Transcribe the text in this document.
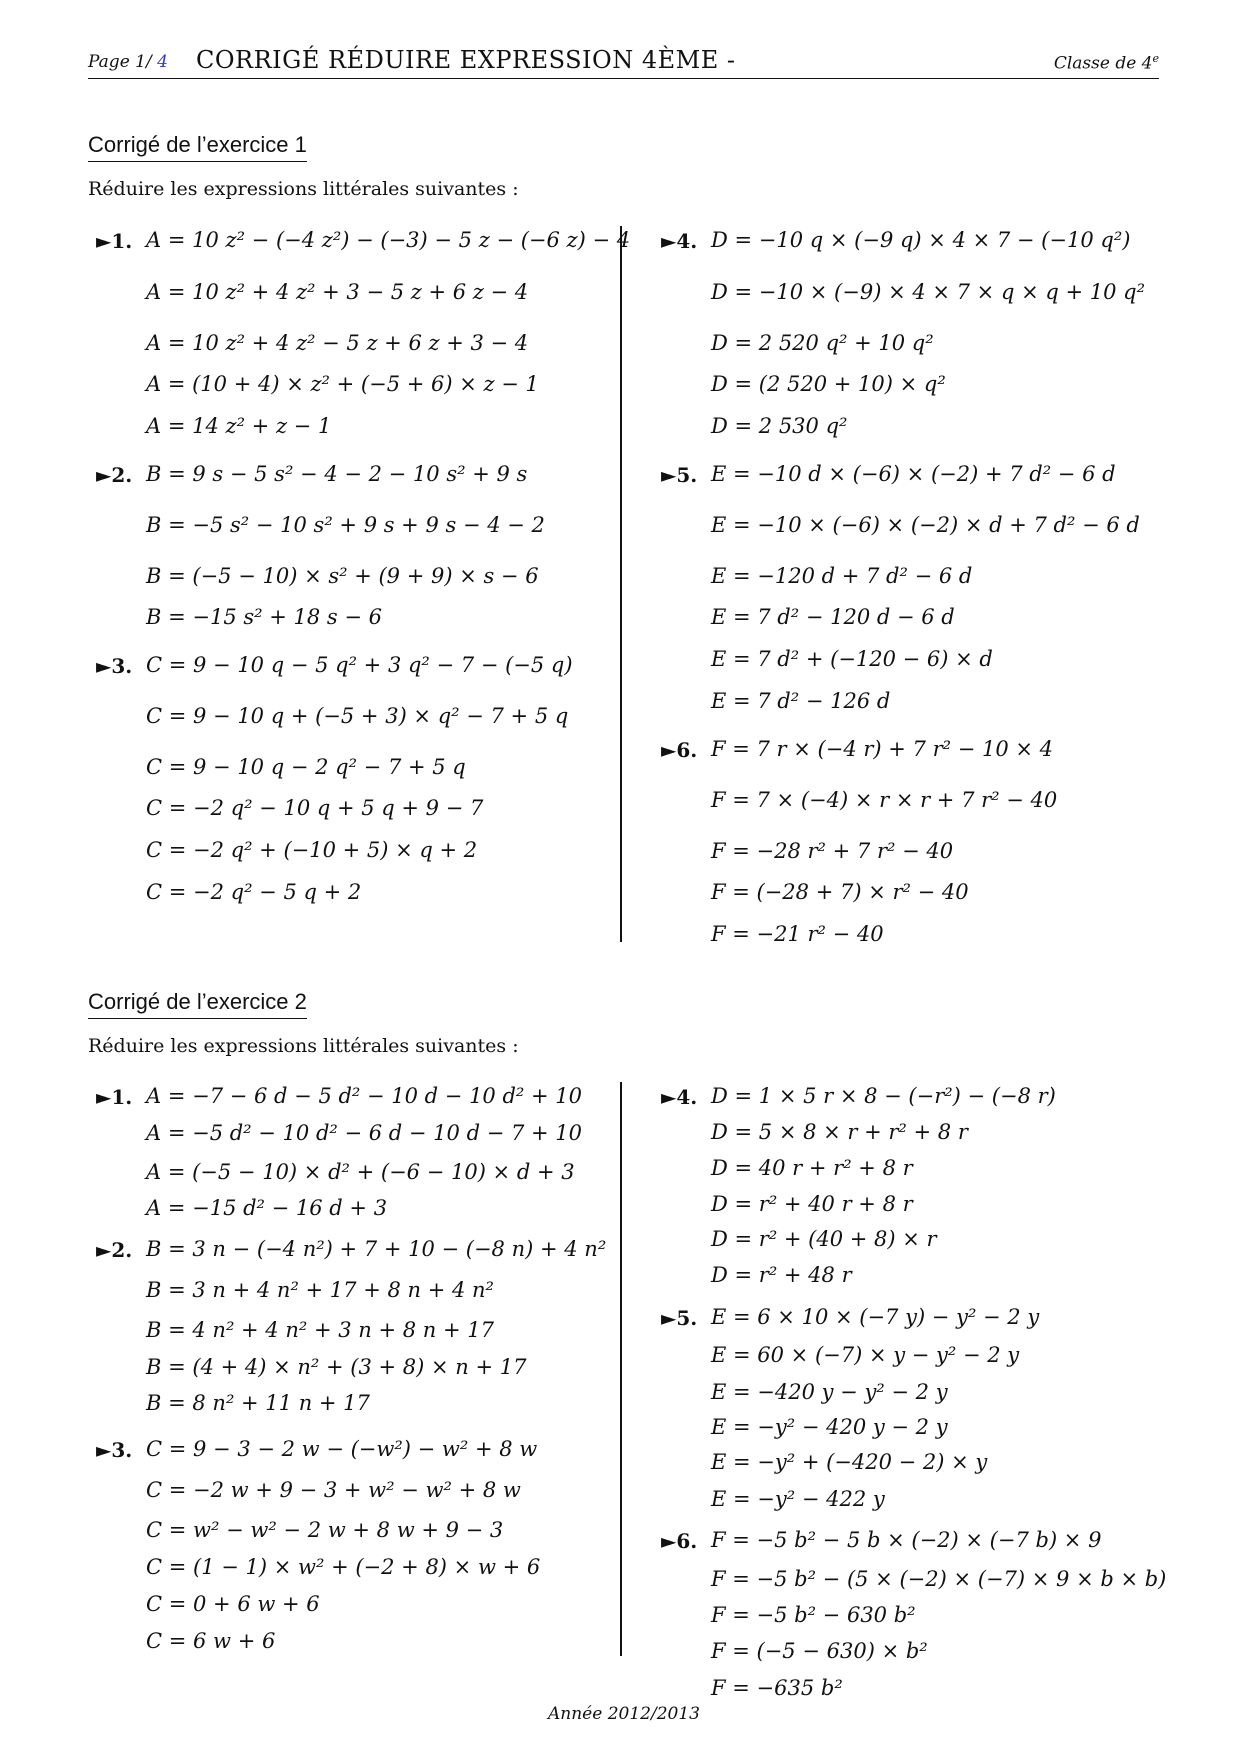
Page 1/ 4 CORRIGÉ RÉDUIRE EXPRESSION 4ÈME -	Classe de 4e
Corrigé de l’exercice 1
Réduire les expressions littérales suivantes :
Corrigé de l’exercice 2
Réduire les expressions littérales suivantes :
►1. A = 10 z² − (−4 z²) − (−3) − 5 z − (−6 z) − 4
A = 10 z² + 4 z² + 3 − 5 z + 6 z − 4
A = 10 z² + 4 z² − 5 z + 6 z + 3 − 4
A = (10 + 4) × z² + (−5 + 6) × z − 1
A = 14 z² + z − 1
►2. B = 9 s − 5 s² − 4 − 2 − 10 s² + 9 s
B = −5 s² − 10 s² + 9 s + 9 s − 4 − 2
B = (−5 − 10) × s² + (9 + 9) × s − 6
B = −15 s² + 18 s − 6
►3. C = 9 − 10 q − 5 q² + 3 q² − 7 − (−5 q)
C = 9 − 10 q + (−5 + 3) × q² − 7 + 5 q
C = 9 − 10 q − 2 q² − 7 + 5 q
C = −2 q² − 10 q + 5 q + 9 − 7
C = −2 q² + (−10 + 5) × q + 2
C = −2 q² − 5 q + 2
►4. D = −10 q × (−9 q) × 4 × 7 − (−10 q²)
D = −10 × (−9) × 4 × 7 × q × q + 10 q²
D = 2 520 q² + 10 q²
D = (2 520 + 10) × q²
D = 2 530 q²
►5. E = −10 d × (−6) × (−2) + 7 d² − 6 d
E = −10 × (−6) × (−2) × d + 7 d² − 6 d
E = −120 d + 7 d² − 6 d
E = 7 d² − 120 d − 6 d
E = 7 d² + (−120 − 6) × d
E = 7 d² − 126 d
►6. F = 7 r × (−4 r) + 7 r² − 10 × 4
F = 7 × (−4) × r × r + 7 r² − 40
F = −28 r² + 7 r² − 40
F = (−28 + 7) × r² − 40
F = −21 r² − 40
►1. A = −7 − 6 d − 5 d² − 10 d − 10 d² + 10
A = −5 d² − 10 d² − 6 d − 10 d − 7 + 10
A = (−5 − 10) × d² + (−6 − 10) × d + 3
A = −15 d² − 16 d + 3
►2. B = 3 n − (−4 n²) + 7 + 10 − (−8 n) + 4 n²
B = 3 n + 4 n² + 17 + 8 n + 4 n²
B = 4 n² + 4 n² + 3 n + 8 n + 17
B = (4 + 4) × n² + (3 + 8) × n + 17
B = 8 n² + 11 n + 17
►3. C = 9 − 3 − 2 w − (−w²) − w² + 8 w
C = −2 w + 9 − 3 + w² − w² + 8 w
C = w² − w² − 2 w + 8 w + 9 − 3
C = (1 − 1) × w² + (−2 + 8) × w + 6
C = 0 + 6 w + 6
C = 6 w + 6
►4. D = 1 × 5 r × 8 − (−r²) − (−8 r)
D = 5 × 8 × r + r² + 8 r
D = 40 r + r² + 8 r
D = r² + 40 r + 8 r
D = r² + (40 + 8) × r
D = r² + 48 r
►5. E = 6 × 10 × (−7 y) − y² − 2 y
E = 60 × (−7) × y − y² − 2 y
E = −420 y − y² − 2 y
E = −y² − 420 y − 2 y
E = −y² + (−420 − 2) × y
E = −y² − 422 y
►6. F = −5 b² − 5 b × (−2) × (−7 b) × 9
F = −5 b² − (5 × (−2) × (−7) × 9 × b × b)
F = −5 b² − 630 b²
F = (−5 − 630) × b²
F = −635 b²
Année 2012/2013
